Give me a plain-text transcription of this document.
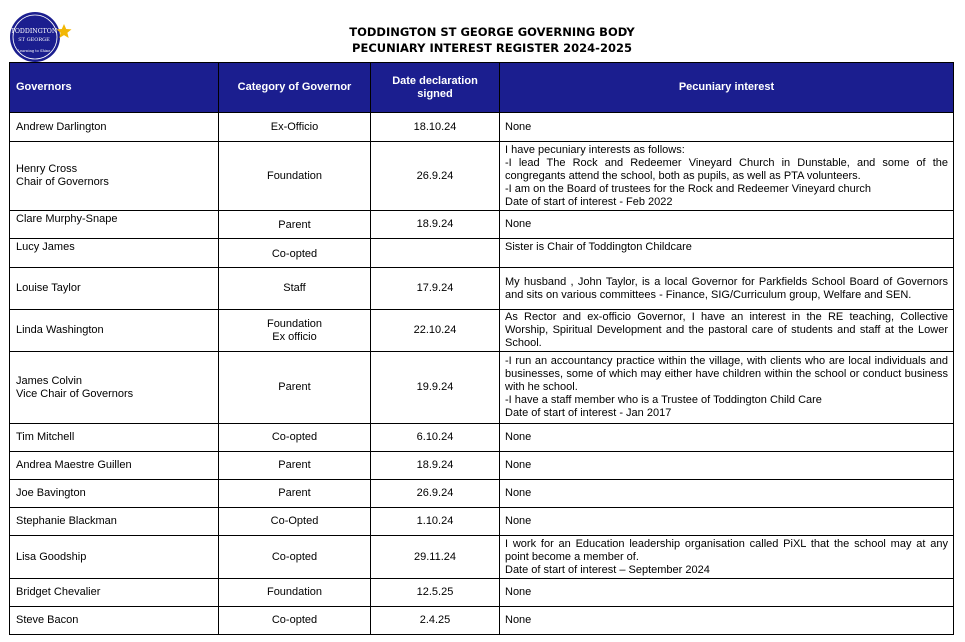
TODDINGTON
ST GEORGE
Learning to Shine
TODDINGTON ST GEORGE GOVERNING BODY
PECUNIARY INTEREST REGISTER 2024-2025
Governors	Category of Governor	Date declaration signed	Pecuniary interest

Andrew Darlington	Ex-Officio	18.10.24	None

Henry Cross
Chair of Governors	Foundation	26.9.24	I have pecuniary interests as follows:
-I lead The Rock and Redeemer Vineyard Church in Dunstable, and some of the congregants attend the school, both as pupils, as well as PTA volunteers.
-I am on the Board of trustees for the Rock and Redeemer Vineyard church
Date of start of interest - Feb 2022

Clare Murphy-Snape	Parent	18.9.24	None

Lucy James	Co-opted		Sister is Chair of Toddington Childcare

Louise Taylor	Staff	17.9.24	My husband , John Taylor, is a local Governor for Parkfields School Board of Governors and sits on various committees - Finance, SIG/Curriculum group, Welfare and SEN.

Linda Washington	Foundation
Ex officio	22.10.24	As Rector and ex-officio Governor, I have an interest in the RE teaching, Collective Worship, Spiritual Development and the pastoral care of students and staff at the Lower School.

James Colvin
Vice Chair of Governors	Parent	19.9.24	-I run an accountancy practice within the village, with clients who are local individuals and businesses, some of which may either have children within the school or conduct business with he school.
-I have a staff member who is a Trustee of Toddington Child Care
Date of start of interest - Jan 2017

Tim Mitchell	Co-opted	6.10.24	None

Andrea Maestre Guillen	Parent	18.9.24	None

Joe Bavington	Parent	26.9.24	None

Stephanie Blackman	Co-Opted	1.10.24	None

Lisa Goodship	Co-opted	29.11.24	I work for an Education leadership organisation called PiXL that the school may at any point become a member of.
Date of start of interest – September 2024

Bridget Chevalier	Foundation	12.5.25	None

Steve Bacon	Co-opted	2.4.25	None
